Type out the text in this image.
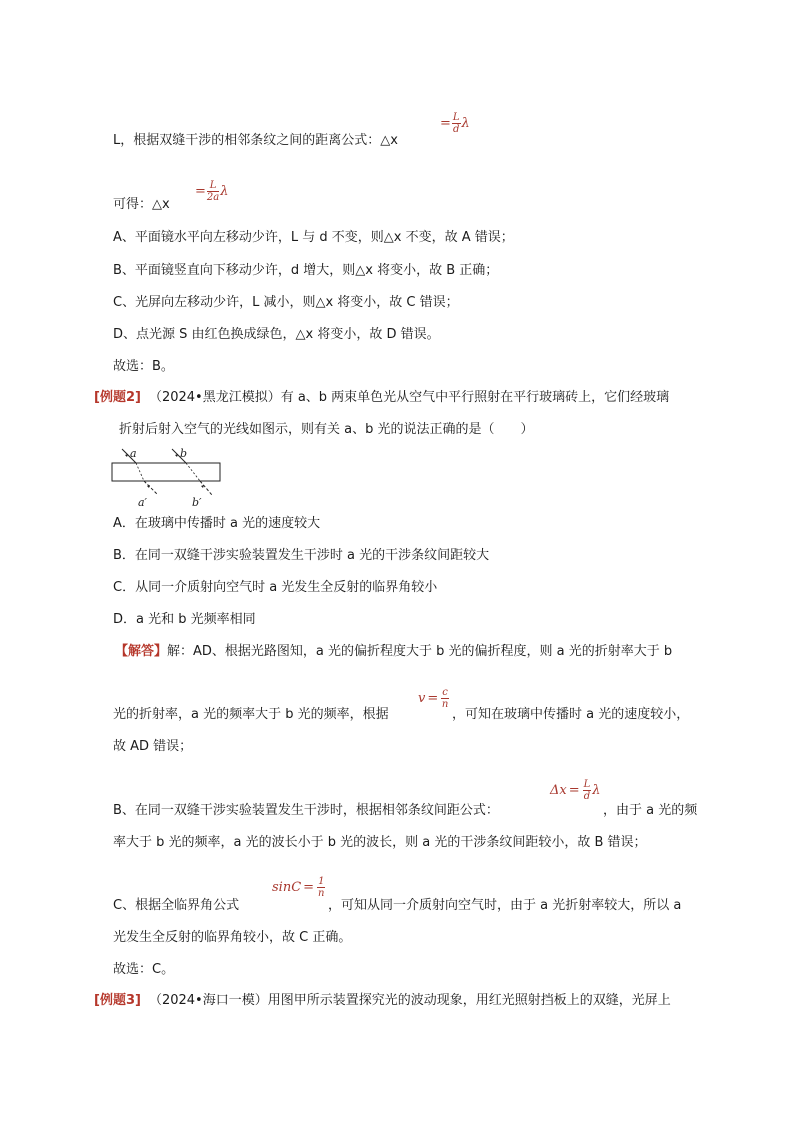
L，根据双缝干涉的相邻条纹之间的距离公式：△x
= $\frac{L}{d}$ λ
可得：△x
= $\frac{L}{2a}$ λ
A、平面镜水平向左移动少许，L 与 d 不变，则△x 不变，故 A 错误；
B、平面镜竖直向下移动少许，d 增大，则△x 将变小，故 B 正确；
C、光屏向左移动少许，L 减小，则△x 将变小，故 C 错误；
D、点光源 S 由红色换成绿色，△x 将变小，故 D 错误。
故选：B。
[例题2] （2024•黑龙江模拟）有 a、b 两束单色光从空气中平行照射在平行玻璃砖上，它们经玻璃
折射后射入空气的光线如图示，则有关 a、b 光的说法正确的是（　　）
a	b
a′	b′
A．在玻璃中传播时 a 光的速度较大
B．在同一双缝干涉实验装置发生干涉时 a 光的干涉条纹间距较大
C．从同一介质射向空气时 a 光发生全反射的临界角较小
D．a 光和 b 光频率相同
【解答】解：AD、根据光路图知，a 光的偏折程度大于 b 光的偏折程度，则 a 光的折射率大于 b
光的折射率，a 光的频率大于 b 光的频率，根据
$v = \frac{c}{n}$
，可知在玻璃中传播时 a 光的速度较小，
故 AD 错误；
B、在同一双缝干涉实验装置发生干涉时，根据相邻条纹间距公式：
$\Delta x = \frac{L}{d}$ λ
，由于 a 光的频
率大于 b 光的频率，a 光的波长小于 b 光的波长，则 a 光的干涉条纹间距较小，故 B 错误；
C、根据全临界角公式
$\sin C = \frac{1}{n}$
，可知从同一介质射向空气时，由于 a 光折射率较大，所以 a
光发生全反射的临界角较小，故 C 正确。
故选：C。
[例题3] （2024•海口一模）用图甲所示装置探究光的波动现象，用红光照射挡板上的双缝，光屏上
